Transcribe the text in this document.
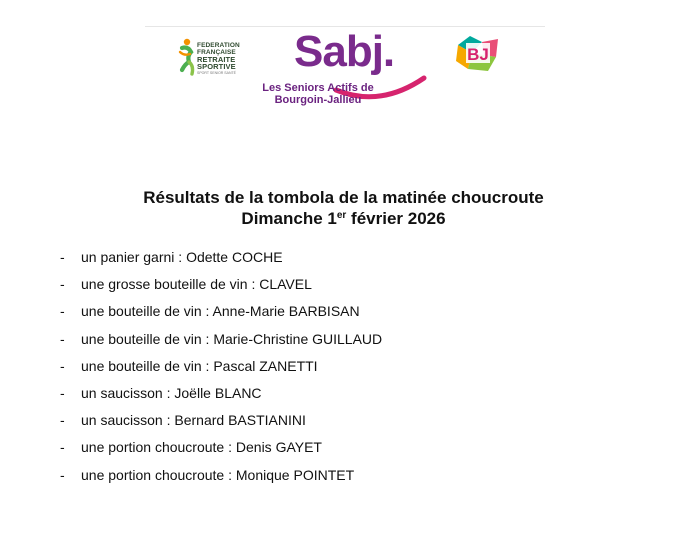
FEDERATION
FRANÇAISE
RETRAITE
SPORTIVE
SPORT SENIOR SANTÉ Sabj.
Les Seniors Actifs de Bourgoin-Jallieu
BJ
Résultats de la tombola de la matinée choucroute
Dimanche 1er février 2026
- un panier garni : Odette COCHE
- une grosse bouteille de vin : CLAVEL
- une bouteille de vin : Anne-Marie BARBISAN
- une bouteille de vin : Marie-Christine GUILLAUD
- une bouteille de vin : Pascal ZANETTI
- un saucisson : Joëlle BLANC
- un saucisson : Bernard BASTIANINI
- une portion choucroute : Denis GAYET
- une portion choucroute : Monique POINTET
